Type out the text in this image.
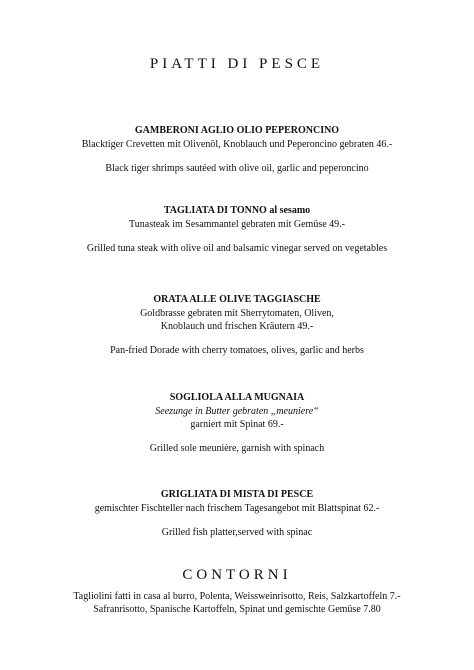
PIATTI DI PESCE
GAMBERONI AGLIO OLIO PEPERONCINO
Blacktiger Crevetten mit Olivenöl, Knoblauch und Peperoncino gebraten 46.-
Black tiger shrimps sautéed with olive oil, garlic and peperoncino
TAGLIATA DI TONNO al sesamo
Tunasteak im Sesammantel gebraten mit Gemüse 49.-
Grilled tuna steak with olive oil and balsamic vinegar served on vegetables
ORATA ALLE OLIVE TAGGIASCHE
Goldbrasse gebraten mit Sherrytomaten, Oliven,
Knoblauch und frischen Kräutern 49.-
Pan-fried Dorade with cherry tomatoes, olives, garlic and herbs
SOGLIOLA ALLA MUGNAIA
Seezunge in Butter gebraten „meuniere“
garniert mit Spinat 69.-
Grilled sole meunière, garnish with spinach
GRIGLIATA DI MISTA DI PESCE
gemischter Fischteller nach frischem Tagesangebot mit Blattspinat 62.-
Grilled fish platter,served with spinac
CONTORNI
Tagliolini fatti in casa al burro, Polenta, Weissweinrisotto, Reis, Salzkartoffeln 7.-
Safranrisotto, Spanische Kartoffeln, Spinat und gemischte Gemüse 7.80
